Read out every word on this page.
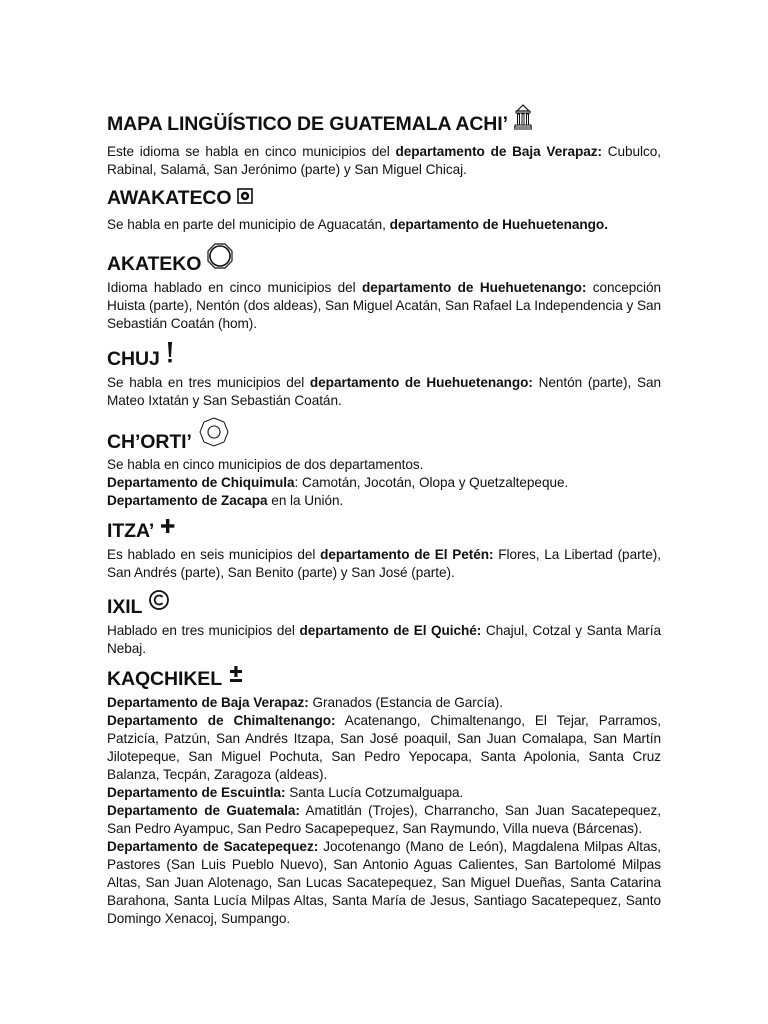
MAPA LINGÜÍSTICO DE GUATEMALA ACHI’

Este idioma se habla en cinco municipios del departamento de Baja Verapaz: Cubulco, Rabinal, Salamá, San Jerónimo (parte) y San Miguel Chicaj.

AWAKATECO

Se habla en parte del municipio de Aguacatán, departamento de Huehuetenango.

AKATEKO

Idioma hablado en cinco municipios del departamento de Huehuetenango: concepción Huista (parte), Nentón (dos aldeas), San Miguel Acatán, San Rafael La Independencia y San Sebastián Coatán (hom).

CHUJ

Se habla en tres municipios del departamento de Huehuetenango: Nentón (parte), San Mateo Ixtatán y San Sebastián Coatán.

CH’ORTI’

Se habla en cinco municipios de dos departamentos.

Departamento de Chiquimula: Camotán, Jocotán, Olopa y Quetzaltepeque.

Departamento de Zacapa en la Unión.

ITZA’

Es hablado en seis municipios del departamento de El Petén: Flores, La Libertad (parte), San Andrés (parte), San Benito (parte) y San José (parte).

IXIL

Hablado en tres municipios del departamento de El Quiché: Chajul, Cotzal y Santa María Nebaj.

KAQCHIKEL

Departamento de Baja Verapaz: Granados (Estancia de García).

Departamento de Chimaltenango: Acatenango, Chimaltenango, El Tejar, Parramos, Patzicía, Patzún, San Andrés Itzapa, San José poaquil, San Juan Comalapa, San Martín Jilotepeque, San Miguel Pochuta, San Pedro Yepocapa, Santa Apolonia, Santa Cruz Balanza, Tecpán, Zaragoza (aldeas).

Departamento de Escuintla: Santa Lucía Cotzumalguapa.

Departamento de Guatemala: Amatitlán (Trojes), Charrancho, San Juan Sacatepequez, San Pedro Ayampuc, San Pedro Sacapepequez, San Raymundo, Villa nueva (Bárcenas).

Departamento de Sacatepequez: Jocotenango (Mano de León), Magdalena Milpas Altas, Pastores (San Luis Pueblo Nuevo), San Antonio Aguas Calientes, San Bartolomé Milpas Altas, San Juan Alotenago, San Lucas Sacatepequez, San Miguel Dueñas, Santa Catarina Barahona, Santa Lucía Milpas Altas, Santa María de Jesus, Santiago Sacatepequez, Santo Domingo Xenacoj, Sumpango.
